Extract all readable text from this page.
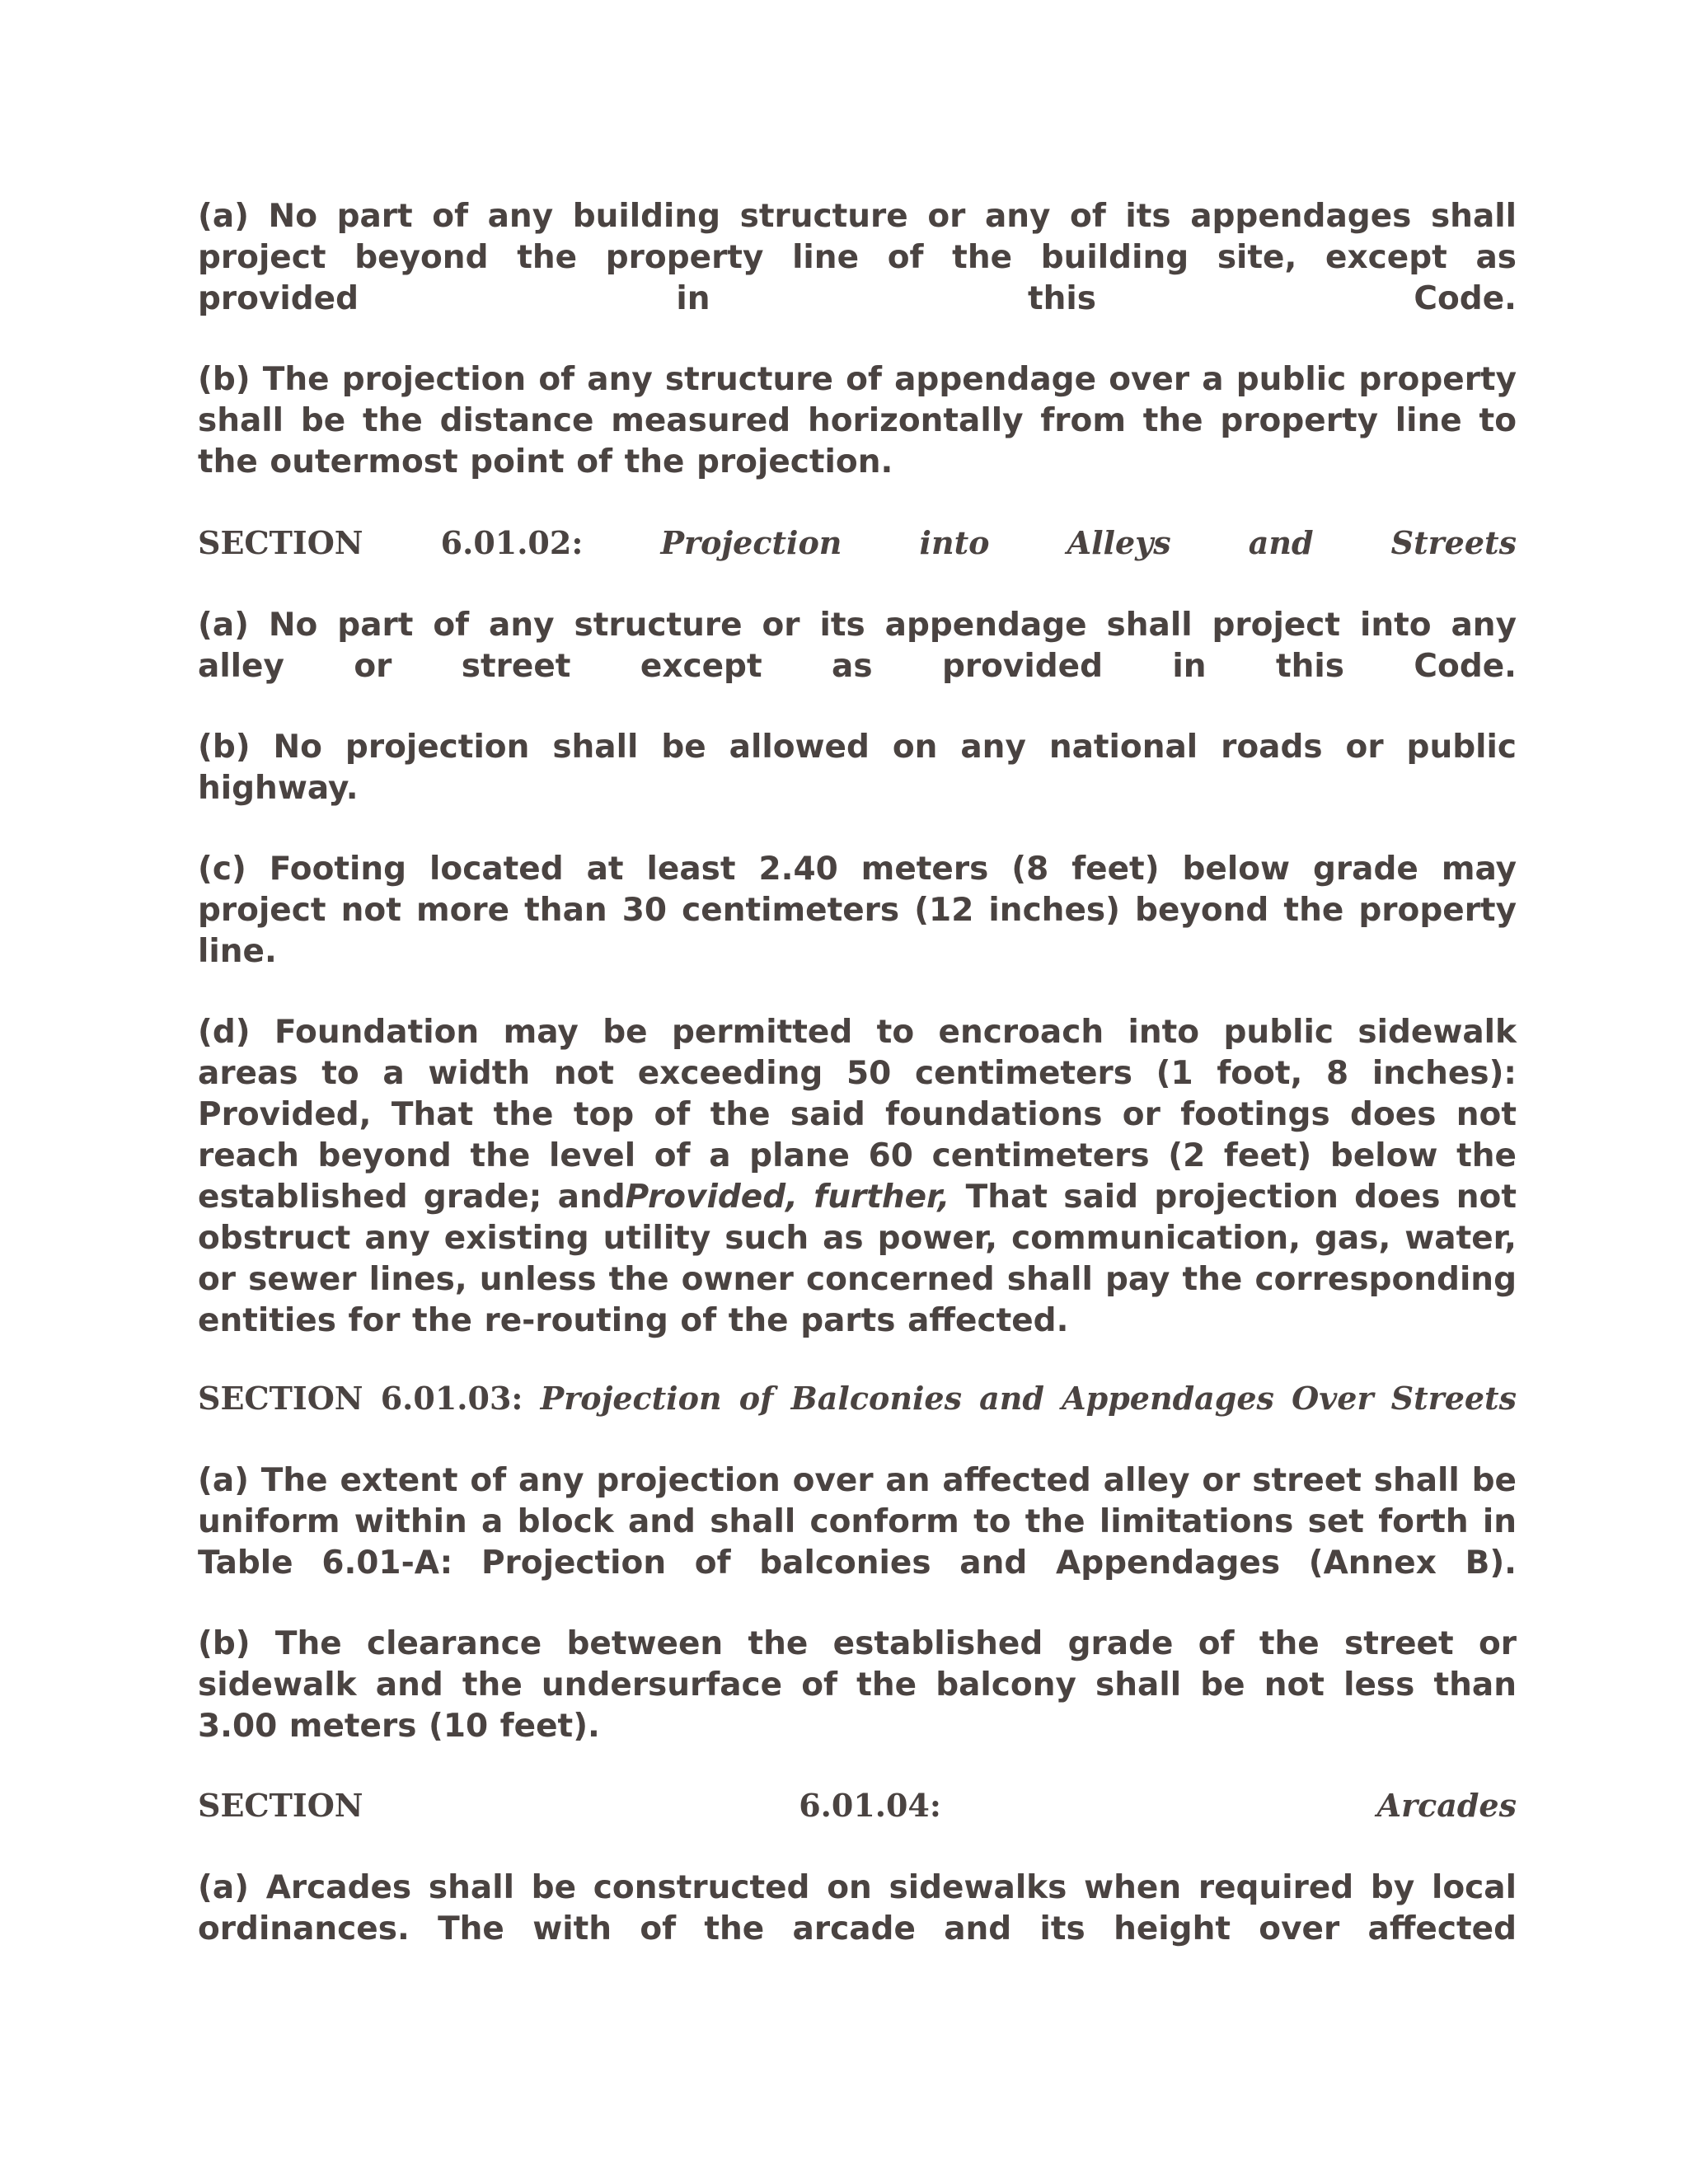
(a) No part of any building structure or any of its appendages shall project beyond the property line of the building site, except as provided in this Code.

(b) The projection of any structure of appendage over a public property shall be the distance measured horizontally from the property line to the outermost point of the projection.

SECTION 6.01.02: Projection into Alleys and Streets

(a) No part of any structure or its appendage shall project into any alley or street except as provided in this Code.

(b) No projection shall be allowed on any national roads or public highway.

(c) Footing located at least 2.40 meters (8 feet) below grade may project not more than 30 centimeters (12 inches) beyond the property line.

(d) Foundation may be permitted to encroach into public sidewalk areas to a width not exceeding 50 centimeters (1 foot, 8 inches): Provided, That the top of the said foundations or footings does not reach beyond the level of a plane 60 centimeters (2 feet) below the established grade; andProvided, further, That said projection does not obstruct any existing utility such as power, communication, gas, water, or sewer lines, unless the owner concerned shall pay the corresponding entities for the re-routing of the parts affected.

SECTION 6.01.03: Projection of Balconies and Appendages Over Streets

(a) The extent of any projection over an affected alley or street shall be uniform within a block and shall conform to the limitations set forth in Table 6.01-A: Projection of balconies and Appendages (Annex B).

(b) The clearance between the established grade of the street or sidewalk and the undersurface of the balcony shall be not less than 3.00 meters (10 feet).

SECTION 6.01.04:	Arcades

(a) Arcades shall be constructed on sidewalks when required by local ordinances. The with of the arcade and its height over affected
